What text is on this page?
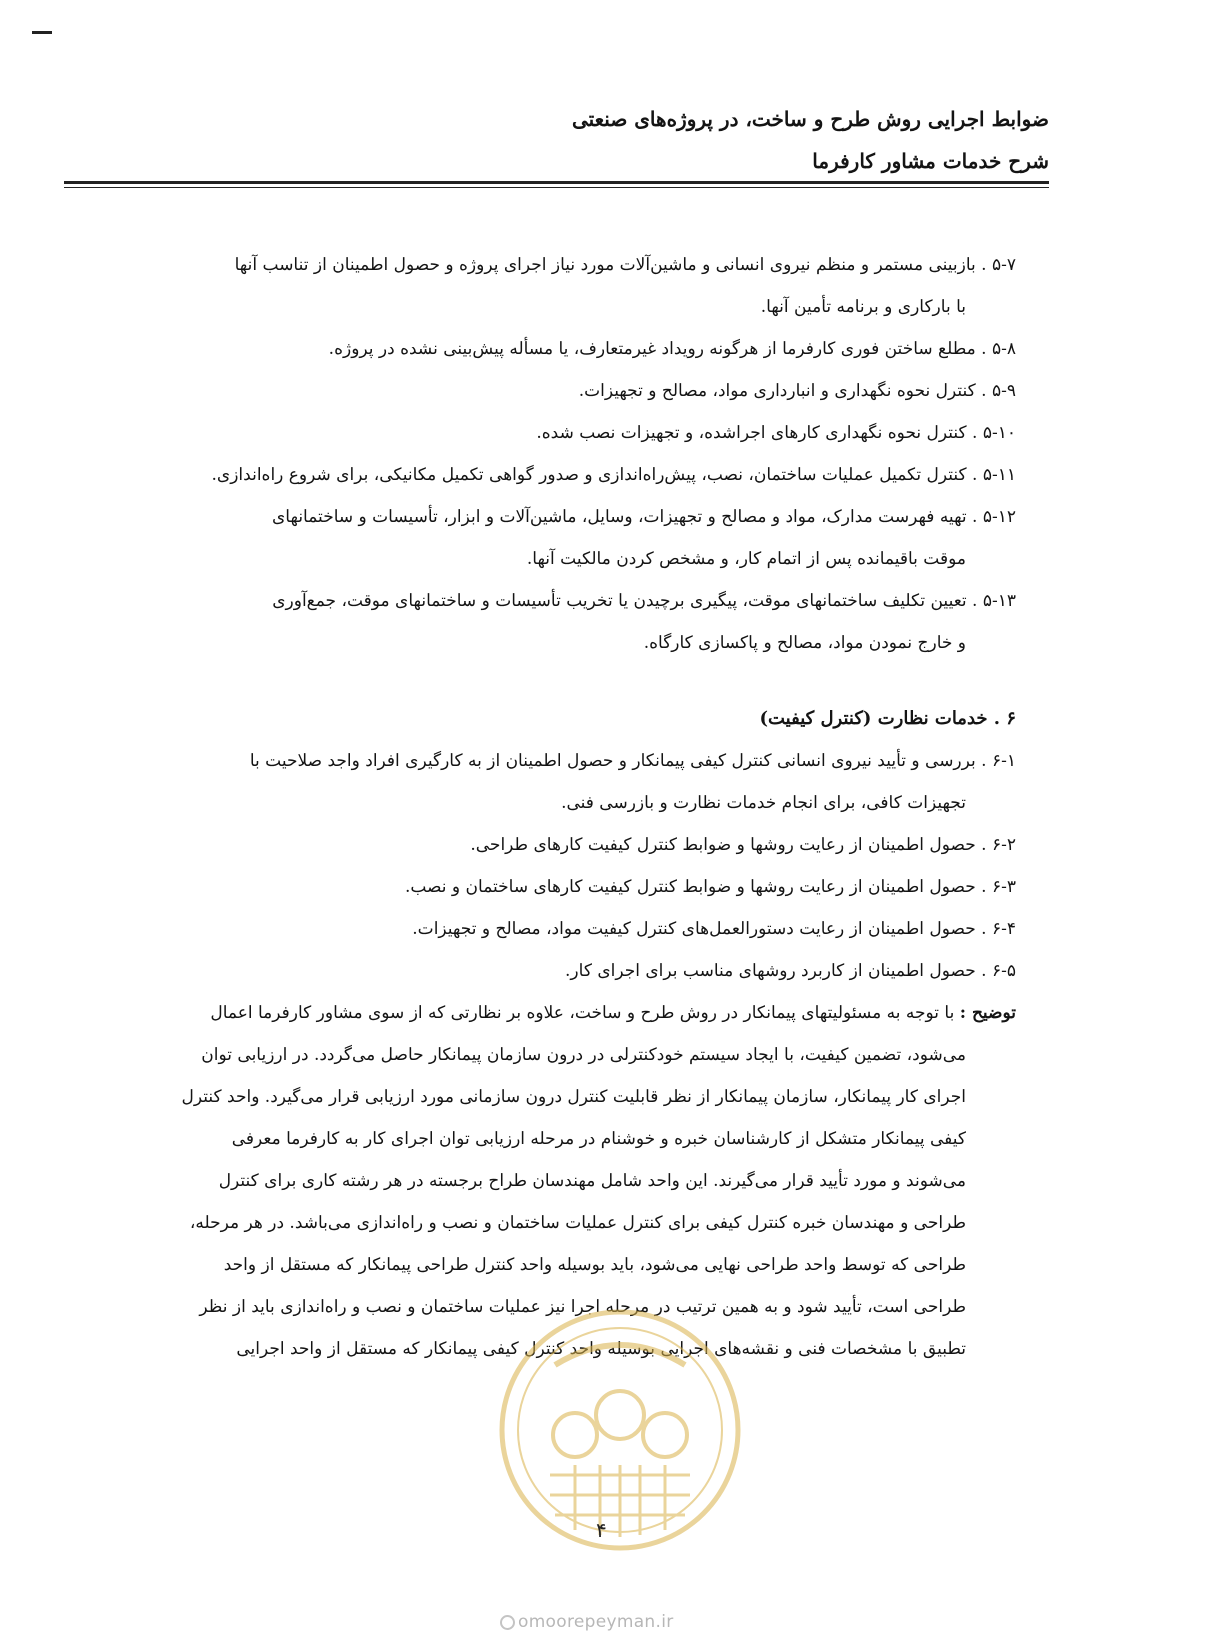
ضوابط اجرایی روش طرح و ساخت، در پروژه‌های صنعتی
شرح خدمات مشاور کارفرما
۵-۷ . بازبینی مستمر و منظم نیروی انسانی و ماشین‌آلات مورد نیاز اجرای پروژه و حصول اطمینان از تناسب آنها
با بارکاری و برنامه تأمین آنها.
۵-۸ . مطلع ساختن فوری کارفرما از هرگونه رویداد غیرمتعارف، یا مسأله پیش‌بینی نشده در پروژه.
۵-۹ . کنترل نحوه نگهداری و انبارداری مواد، مصالح و تجهیزات.
۵-۱۰ . کنترل نحوه نگهداری کارهای اجراشده، و تجهیزات نصب شده.
۵-۱۱ . کنترل تکمیل عملیات ساختمان، نصب، پیش‌راه‌اندازی و صدور گواهی تکمیل مکانیکی، برای شروع راه‌اندازی.
۵-۱۲ . تهیه فهرست مدارک، مواد و مصالح و تجهیزات، وسایل، ماشین‌آلات و ابزار، تأسیسات و ساختمانهای
موقت باقیمانده پس از اتمام کار، و مشخص کردن مالکیت آنها.
۵-۱۳ . تعیین تکلیف ساختمانهای موقت، پیگیری برچیدن یا تخریب تأسیسات و ساختمانهای موقت، جمع‌آوری
و خارج نمودن مواد، مصالح و پاکسازی کارگاه.
۶ . خدمات نظارت (کنترل کیفیت)
۶-۱ . بررسی و تأیید نیروی انسانی کنترل کیفی پیمانکار و حصول اطمینان از به کارگیری افراد واجد صلاحیت با
تجهیزات کافی، برای انجام خدمات نظارت و بازرسی فنی.
۶-۲ . حصول اطمینان از رعایت روشها و ضوابط کنترل کیفیت کارهای طراحی.
۶-۳ . حصول اطمینان از رعایت روشها و ضوابط کنترل کیفیت کارهای ساختمان و نصب.
۶-۴ . حصول اطمینان از رعایت دستورالعمل‌های کنترل کیفیت مواد، مصالح و تجهیزات.
۶-۵ . حصول اطمینان از کاربرد روشهای مناسب برای اجرای کار.
توضیح : با توجه به مسئولیتهای پیمانکار در روش طرح و ساخت، علاوه بر نظارتی که از سوی مشاور کارفرما اعمال
می‌شود، تضمین کیفیت، با ایجاد سیستم خودکنترلی در درون سازمان پیمانکار حاصل می‌گردد. در ارزیابی توان
اجرای کار پیمانکار، سازمان پیمانکار از نظر قابلیت کنترل درون سازمانی مورد ارزیابی قرار می‌گیرد. واحد کنترل
کیفی پیمانکار متشکل از کارشناسان خبره و خوشنام در مرحله ارزیابی توان اجرای کار به کارفرما معرفی
می‌شوند و مورد تأیید قرار می‌گیرند. این واحد شامل مهندسان طراح برجسته در هر رشته کاری برای کنترل
طراحی و مهندسان خبره کنترل کیفی برای کنترل عملیات ساختمان و نصب و راه‌اندازی می‌باشد. در هر مرحله،
طراحی که توسط واحد طراحی نهایی می‌شود، باید بوسیله واحد کنترل طراحی پیمانکار که مستقل از واحد
طراحی است، تأیید شود و به همین ترتیب در مرحله اجرا نیز عملیات ساختمان و نصب و راه‌اندازی باید از نظر
تطبیق با مشخصات فنی و نقشه‌های اجرایی بوسیله واحد کنترل کیفی پیمانکار که مستقل از واحد اجرایی
۴
omoorepeyman.ir
